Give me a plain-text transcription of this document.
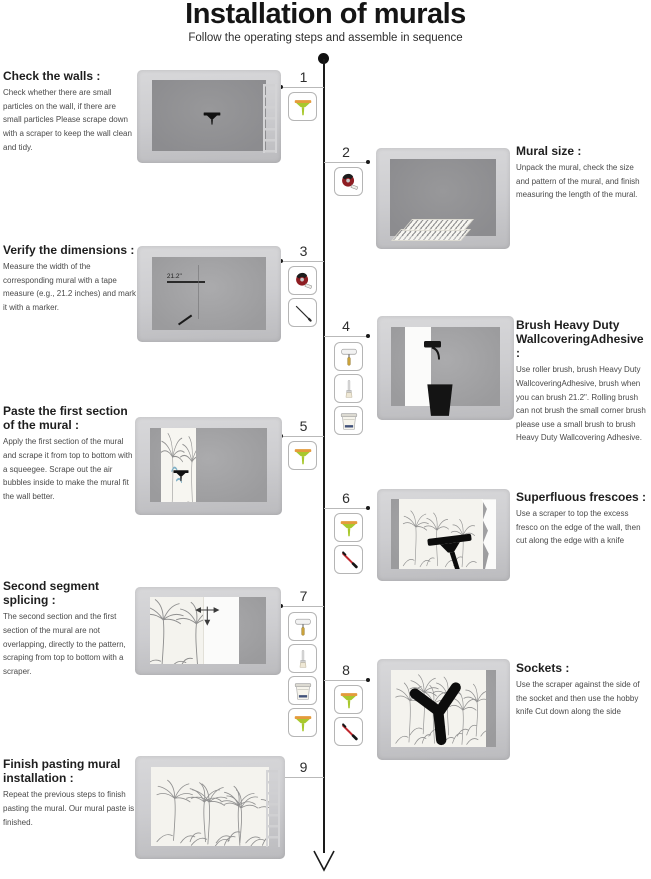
Installation of murals
Follow the operating steps and assemble in sequence
Check the walls :

Check whether there are small particles on the wall, if there are small particles Please scrape down with a scraper to keep the wall clean and tidy.

1
2	Mural size :

Unpack the mural, check the size and pattern of the mural, and finish measuring the length of the mural.

Verify the dimensions :

Measure the width of the corresponding mural with a tape measure (e.g., 21.2 inches) and mark it with a marker.

3
21.2"
4	Brush Heavy Duty WallcoveringAdhesive :

Use roller brush, brush Heavy Duty WallcoveringAdhesive, brush when you can brush 21.2". Rolling brush can not brush the small corner brush please use a small brush to brush Heavy Duty Wallcovering Adhesive.

Paste the first section of the mural :

Apply the first section of the mural and scrape it from top to bottom with a squeegee. Scrape out the air bubbles inside to make the mural fit the wall better.

5
6	Superfluous frescoes :

Use a scraper to top the excess fresco on the edge of the wall, then cut along the edge with a knife

Second segment splicing :

The second section and the first section of the mural are not overlapping, directly to the pattern, scraping from top to bottom with a scraper.

7
8	Sockets :

Use the scraper against the side of the socket and then use the hobby knife Cut down along the side

Finish pasting mural installation :

Repeat the previous steps to finish pasting the mural. Our mural paste is finished.

9
